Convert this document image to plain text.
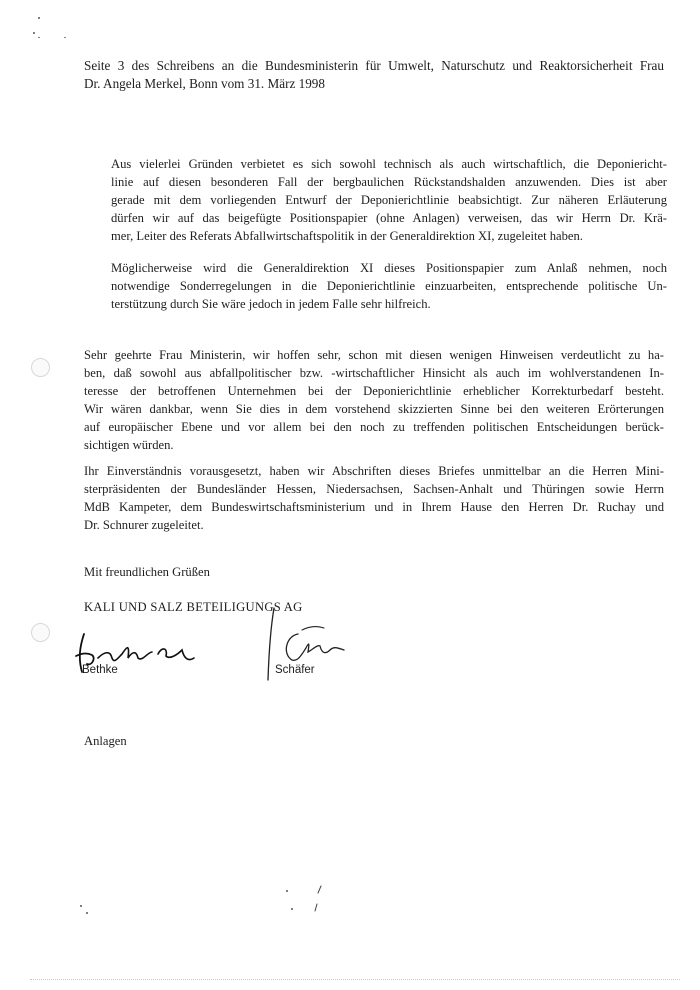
Seite 3 des Schreibens an die Bundesministerin für Umwelt, Naturschutz und Reaktorsicherheit Frau
Dr. Angela Merkel, Bonn vom 31. März 1998
Aus vielerlei Gründen verbietet es sich sowohl technisch als auch wirtschaftlich, die Deponiericht-
linie auf diesen besonderen Fall der bergbaulichen Rückstandshalden anzuwenden. Dies ist aber
gerade mit dem vorliegenden Entwurf der Deponierichtlinie beabsichtigt. Zur näheren Erläuterung
dürfen wir auf das beigefügte Positionspapier (ohne Anlagen) verweisen, das wir Herrn Dr. Krä-
mer, Leiter des Referats Abfallwirtschaftspolitik in der Generaldirektion XI, zugeleitet haben.
Möglicherweise wird die Generaldirektion XI dieses Positionspapier zum Anlaß nehmen, noch
notwendige Sonderregelungen in die Deponierichtlinie einzuarbeiten, entsprechende politische Un-
terstützung durch Sie wäre jedoch in jedem Falle sehr hilfreich.
Sehr geehrte Frau Ministerin, wir hoffen sehr, schon mit diesen wenigen Hinweisen verdeutlicht zu ha-
ben, daß sowohl aus abfallpolitischer bzw. -wirtschaftlicher Hinsicht als auch im wohlverstandenen In-
teresse der betroffenen Unternehmen bei der Deponierichtlinie erheblicher Korrekturbedarf besteht.
Wir wären dankbar, wenn Sie dies in dem vorstehend skizzierten Sinne bei den weiteren Erörterungen
auf europäischer Ebene und vor allem bei den noch zu treffenden politischen Entscheidungen berück-
sichtigen würden.
Ihr Einverständnis vorausgesetzt, haben wir Abschriften dieses Briefes unmittelbar an die Herren Mini-
sterpräsidenten der Bundesländer Hessen, Niedersachsen, Sachsen-Anhalt und Thüringen sowie Herrn
MdB Kampeter, dem Bundeswirtschaftsministerium und in Ihrem Hause den Herren Dr. Ruchay und
Dr. Schnurer zugeleitet.
Mit freundlichen Grüßen
KALI UND SALZ BETEILIGUNGS AG
Bethke	Schäfer
Anlagen
